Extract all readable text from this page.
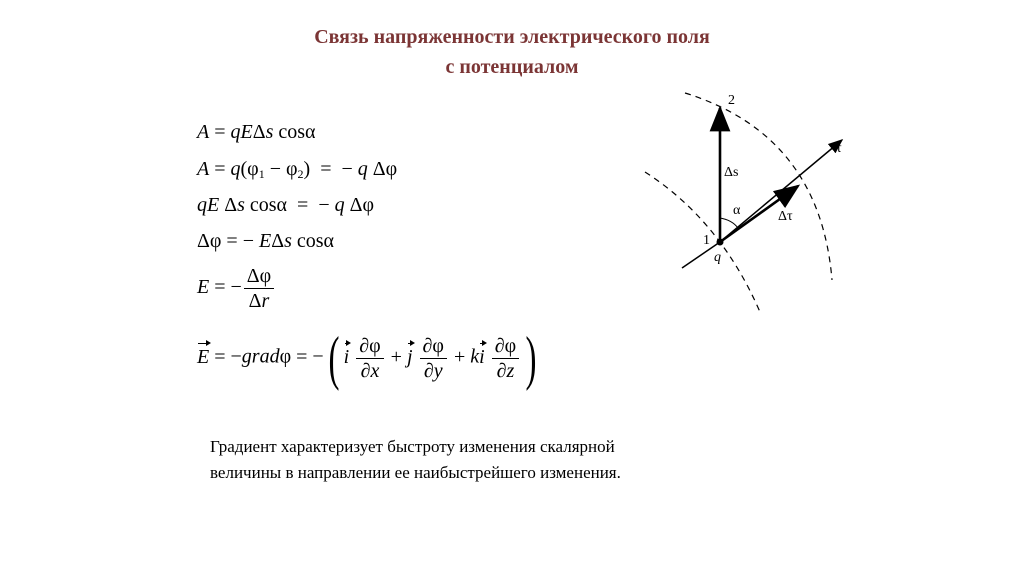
Связь напряженности электрического поля
с потенциалом
A = qEΔs cosα
$A = q(\varphi_1 - \varphi_2)$ = − q Δφ
qE Δs cosα = − q Δφ
Δφ = − EΔs cosα
E = − $\frac{\Delta\varphi}{\Delta r}$
E = −gradφ = −( i $\frac{\partial\varphi}{\partial x} + j \frac{\partial\varphi}{\partial y}$ + ki $\frac{\partial\varphi}{\partial z}$ )
Градиент характеризует быстроту изменения скалярной
величины в направлении ее наибыстрейшего изменения.
2
1
q
Δs
α
τ
Δτ
